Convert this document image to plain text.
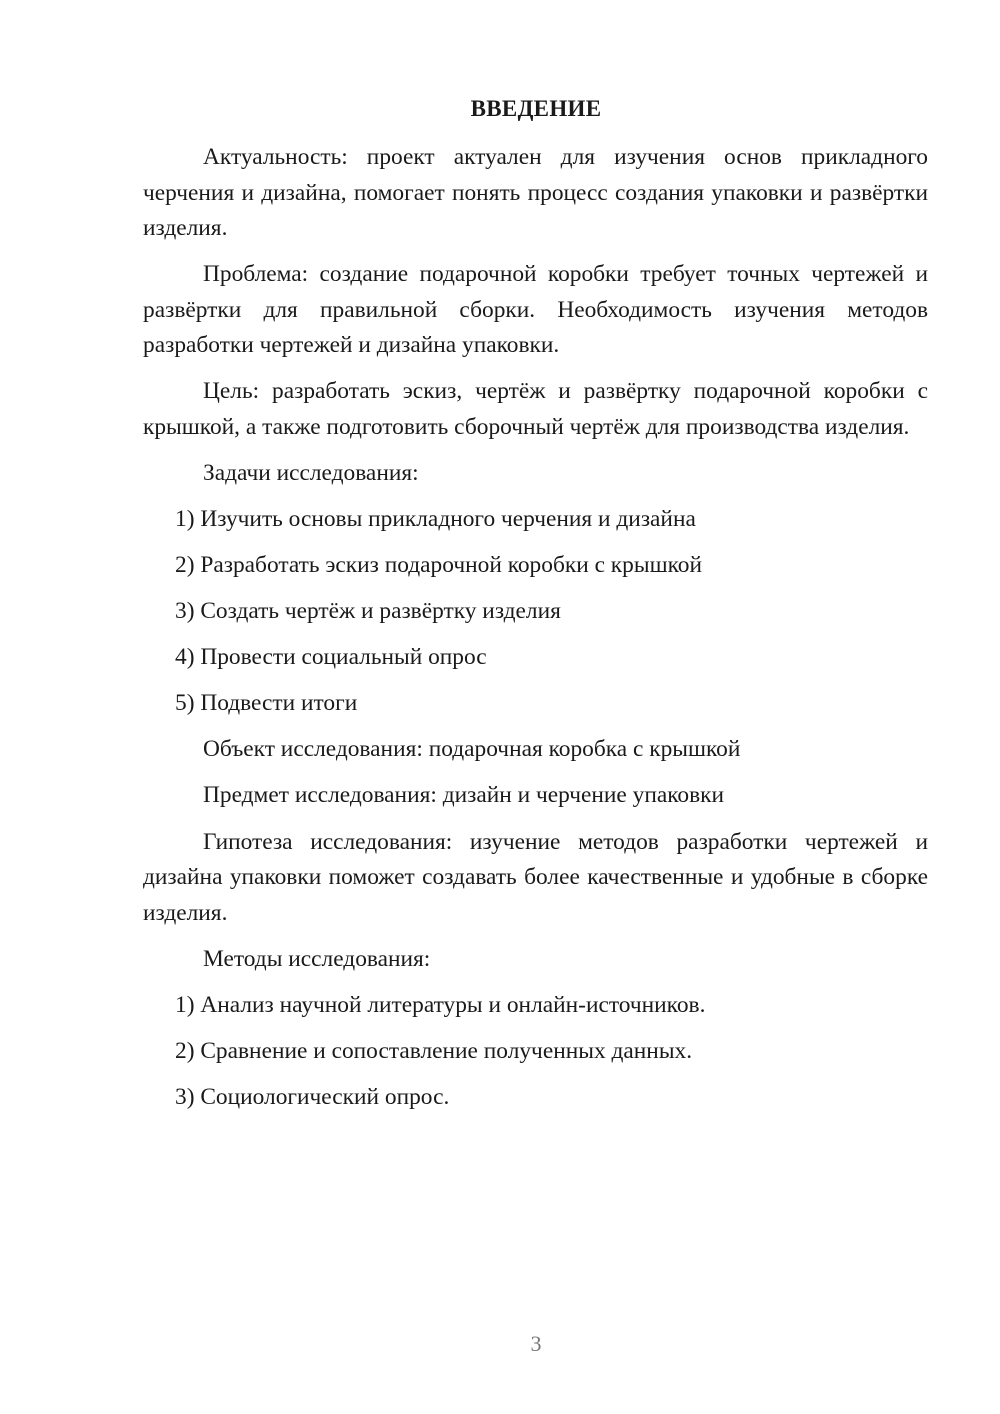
ВВЕДЕНИЕ

Актуальность: проект актуален для изучения основ прикладного черчения и дизайна, помогает понять процесс создания упаковки и развёртки изделия.

Проблема: создание подарочной коробки требует точных чертежей и развёртки для правильной сборки. Необходимость изучения методов разработки чертежей и дизайна упаковки.

Цель: разработать эскиз, чертёж и развёртку подарочной коробки с крышкой, а также подготовить сборочный чертёж для производства изделия.

Задачи исследования:

1) Изучить основы прикладного черчения и дизайна

2) Разработать эскиз подарочной коробки с крышкой

3) Создать чертёж и развёртку изделия

4) Провести социальный опрос

5) Подвести итоги

Объект исследования: подарочная коробка с крышкой

Предмет исследования: дизайн и черчение упаковки

Гипотеза исследования: изучение методов разработки чертежей и дизайна упаковки поможет создавать более качественные и удобные в сборке изделия.

Методы исследования:

1) Анализ научной литературы и онлайн-источников.

2) Сравнение и сопоставление полученных данных.

3) Социологический опрос.

3
